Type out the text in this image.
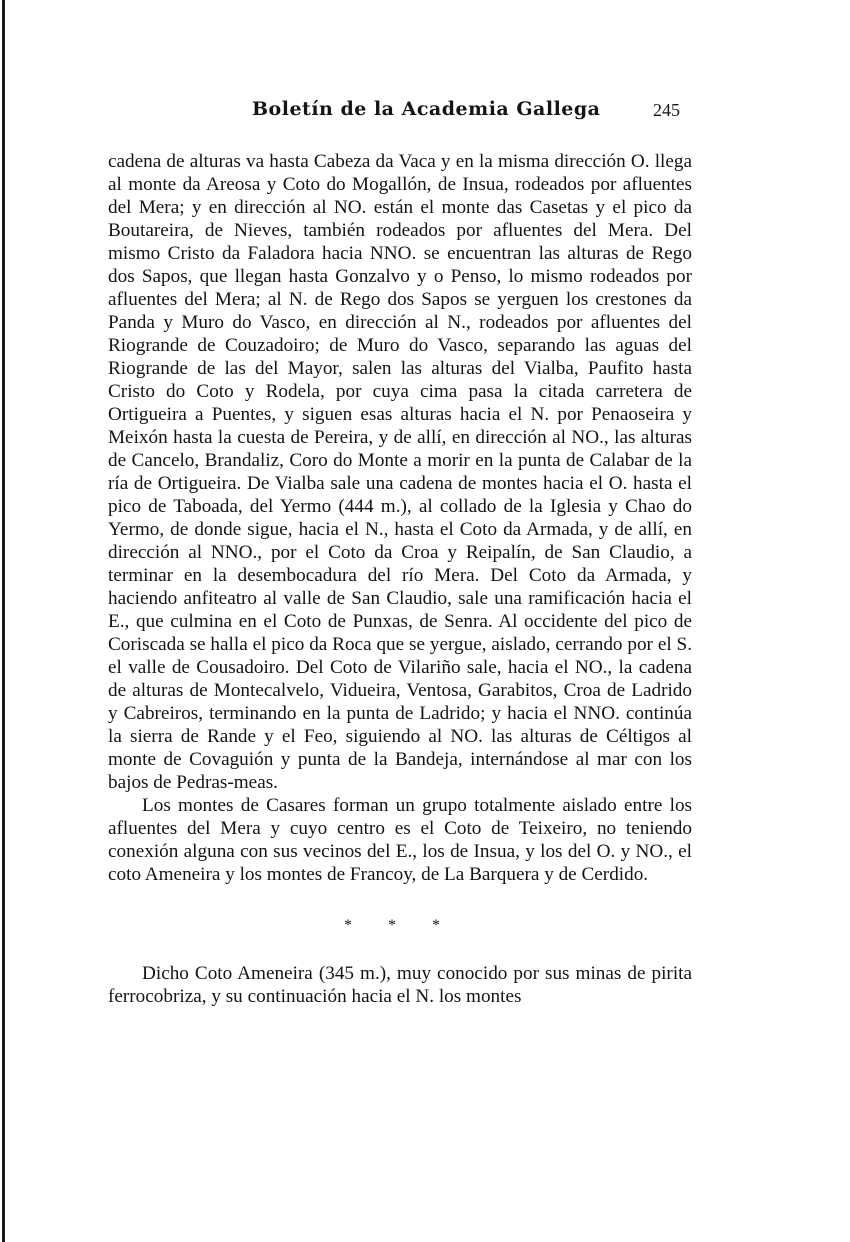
Boletín de la Academia Gallega	245

cadena de alturas va hasta Cabeza da Vaca y en la misma dirección O. llega al monte da Areosa y Coto do Mogallón, de Insua, rodeados por afluentes del Mera; y en dirección al NO. están el monte das Casetas y el pico da Boutareira, de Nieves, también rodeados por afluentes del Mera. Del mismo Cristo da Faladora hacia NNO. se encuentran las alturas de Rego dos Sapos, que llegan hasta Gonzalvo y o Penso, lo mismo rodeados por afluentes del Mera; al N. de Rego dos Sapos se yerguen los crestones da Panda y Muro do Vasco, en dirección al N., rodeados por afluentes del Riogrande de Couzadoiro; de Muro do Vasco, separando las aguas del Riogrande de las del Mayor, salen las alturas del Vialba, Paufito hasta Cristo do Coto y Rodela, por cuya cima pasa la citada carretera de Ortigueira a Puentes, y siguen esas alturas hacia el N. por Penaoseira y Meixón hasta la cuesta de Pereira, y de allí, en dirección al NO., las alturas de Cancelo, Brandaliz, Coro do Monte a morir en la punta de Calabar de la ría de Ortigueira. De Vialba sale una cadena de montes hacia el O. hasta el pico de Taboada, del Yermo (444 m.), al collado de la Iglesia y Chao do Yermo, de donde sigue, hacia el N., hasta el Coto da Armada, y de allí, en dirección al NNO., por el Coto da Croa y Reipalín, de San Claudio, a terminar en la desembocadura del río Mera. Del Coto da Armada, y haciendo anfiteatro al valle de San Claudio, sale una ramificación hacia el E., que culmina en el Coto de Punxas, de Senra. Al occidente del pico de Coriscada se halla el pico da Roca que se yergue, aislado, cerrando por el S. el valle de Cousadoiro. Del Coto de Vilariño sale, hacia el NO., la cadena de alturas de Montecalvelo, Vidueira, Ventosa, Garabitos, Croa de Ladrido y Cabreiros, terminando en la punta de Ladrido; y hacia el NNO. continúa la sierra de Rande y el Feo, siguiendo al NO. las alturas de Céltigos al monte de Covaguión y punta de la Bandeja, internándose al mar con los bajos de Pedras-meas.

Los montes de Casares forman un grupo totalmente aislado entre los afluentes del Mera y cuyo centro es el Coto de Teixeiro, no teniendo conexión alguna con sus vecinos del E., los de Insua, y los del O. y NO., el coto Ameneira y los montes de Francoy, de La Barquera y de Cerdido.

* * *

Dicho Coto Ameneira (345 m.), muy conocido por sus minas de pirita ferrocobriza, y su continuación hacia el N. los montes
